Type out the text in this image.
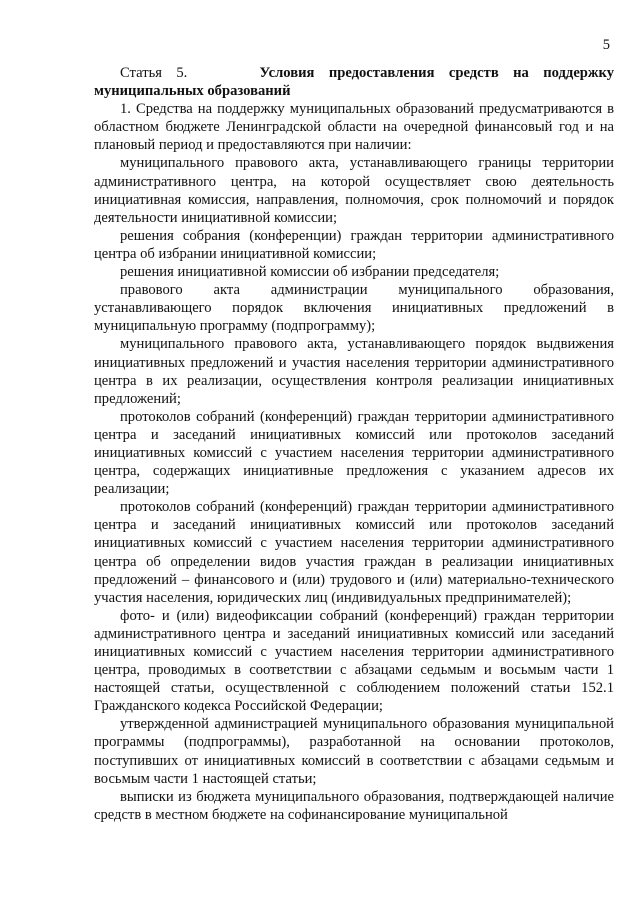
5

Статья 5.	Условия предоставления средств на поддержку муниципальных образований

1. Средства на поддержку муниципальных образований предусматриваются в областном бюджете Ленинградской области на очередной финансовый год и на плановый период и предоставляются при наличии:

муниципального правового акта, устанавливающего границы территории административного центра, на которой осуществляет свою деятельность инициативная комиссия, направления, полномочия, срок полномочий и порядок деятельности инициативной комиссии;

решения собрания (конференции) граждан территории административного центра об избрании инициативной комиссии;

решения инициативной комиссии об избрании председателя;

правового акта администрации муниципального образования, устанавливающего порядок включения инициативных предложений в муниципальную программу (подпрограмму);

муниципального правового акта, устанавливающего порядок выдвижения инициативных предложений и участия населения территории административного центра в их реализации, осуществления контроля реализации инициативных предложений;

протоколов собраний (конференций) граждан территории административного центра и заседаний инициативных комиссий или протоколов заседаний инициативных комиссий с участием населения территории административного центра, содержащих инициативные предложения с указанием адресов их реализации;

протоколов собраний (конференций) граждан территории административного центра и заседаний инициативных комиссий или протоколов заседаний инициативных комиссий с участием населения территории административного центра об определении видов участия граждан в реализации инициативных предложений – финансового и (или) трудового и (или) материально-технического участия населения, юридических лиц (индивидуальных предпринимателей);

фото- и (или) видеофиксации собраний (конференций) граждан территории административного центра и заседаний инициативных комиссий или заседаний инициативных комиссий с участием населения территории административного центра, проводимых в соответствии с абзацами седьмым и восьмым части 1 настоящей статьи, осуществленной с соблюдением положений статьи 152.1 Гражданского кодекса Российской Федерации;

утвержденной администрацией муниципального образования муниципальной программы (подпрограммы), разработанной на основании протоколов, поступивших от инициативных комиссий в соответствии с абзацами седьмым и восьмым части 1 настоящей статьи;

выписки из бюджета муниципального образования, подтверждающей наличие средств в местном бюджете на софинансирование муниципальной
